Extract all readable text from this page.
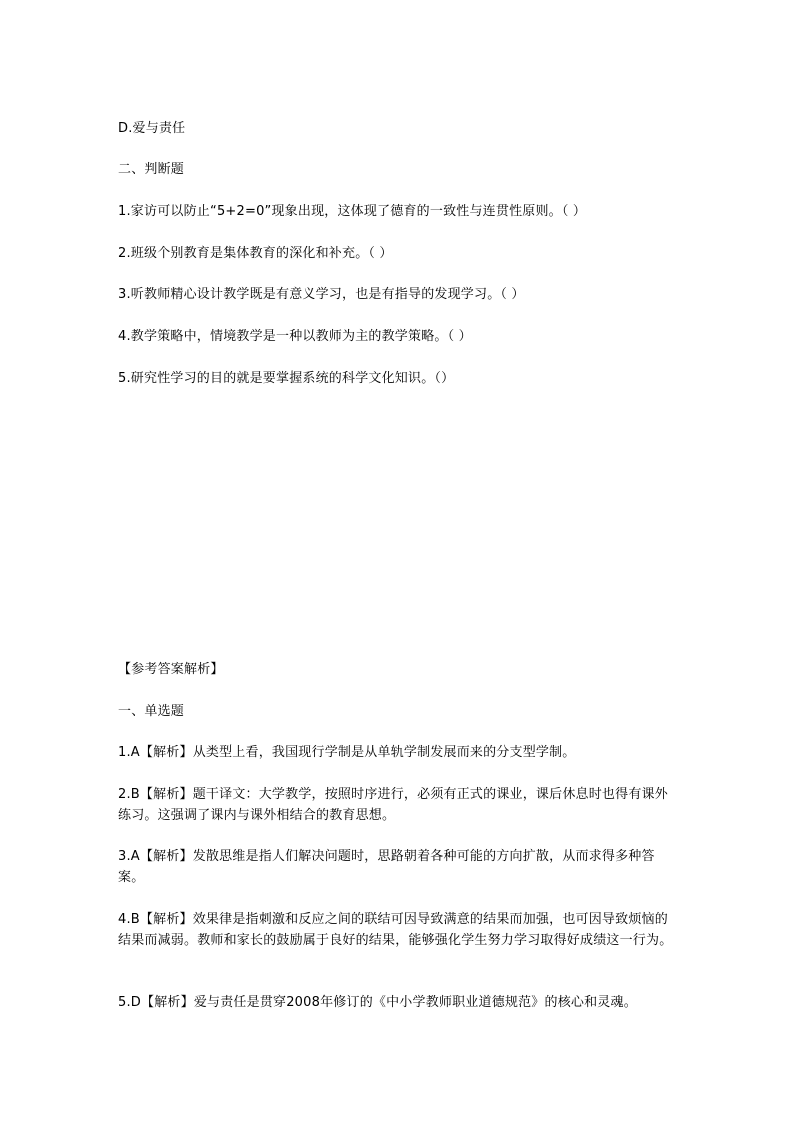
D.爱与责任
二、判断题
1.家访可以防止“5+2=0”现象出现，这体现了德育的一致性与连贯性原则。（ ）
2.班级个别教育是集体教育的深化和补充。（ ）
3.听教师精心设计教学既是有意义学习，也是有指导的发现学习。（ ）
4.教学策略中，情境教学是一种以教师为主的教学策略。（ ）
5.研究性学习的目的就是要掌握系统的科学文化知识。（）
【参考答案解析】
一、单选题
1.A【解析】从类型上看，我国现行学制是从单轨学制发展而来的分支型学制。
2.B【解析】题干译文：大学教学，按照时序进行，必须有正式的课业，课后休息时也得有课外练习。这强调了课内与课外相结合的教育思想。
3.A【解析】发散思维是指人们解决问题时，思路朝着各种可能的方向扩散，从而求得多种答案。
4.B【解析】效果律是指刺激和反应之间的联结可因导致满意的结果而加强，也可因导致烦恼的结果而减弱。教师和家长的鼓励属于良好的结果，能够强化学生努力学习取得好成绩这一行为。
5.D【解析】爱与责任是贯穿2008年修订的《中小学教师职业道德规范》的核心和灵魂。
